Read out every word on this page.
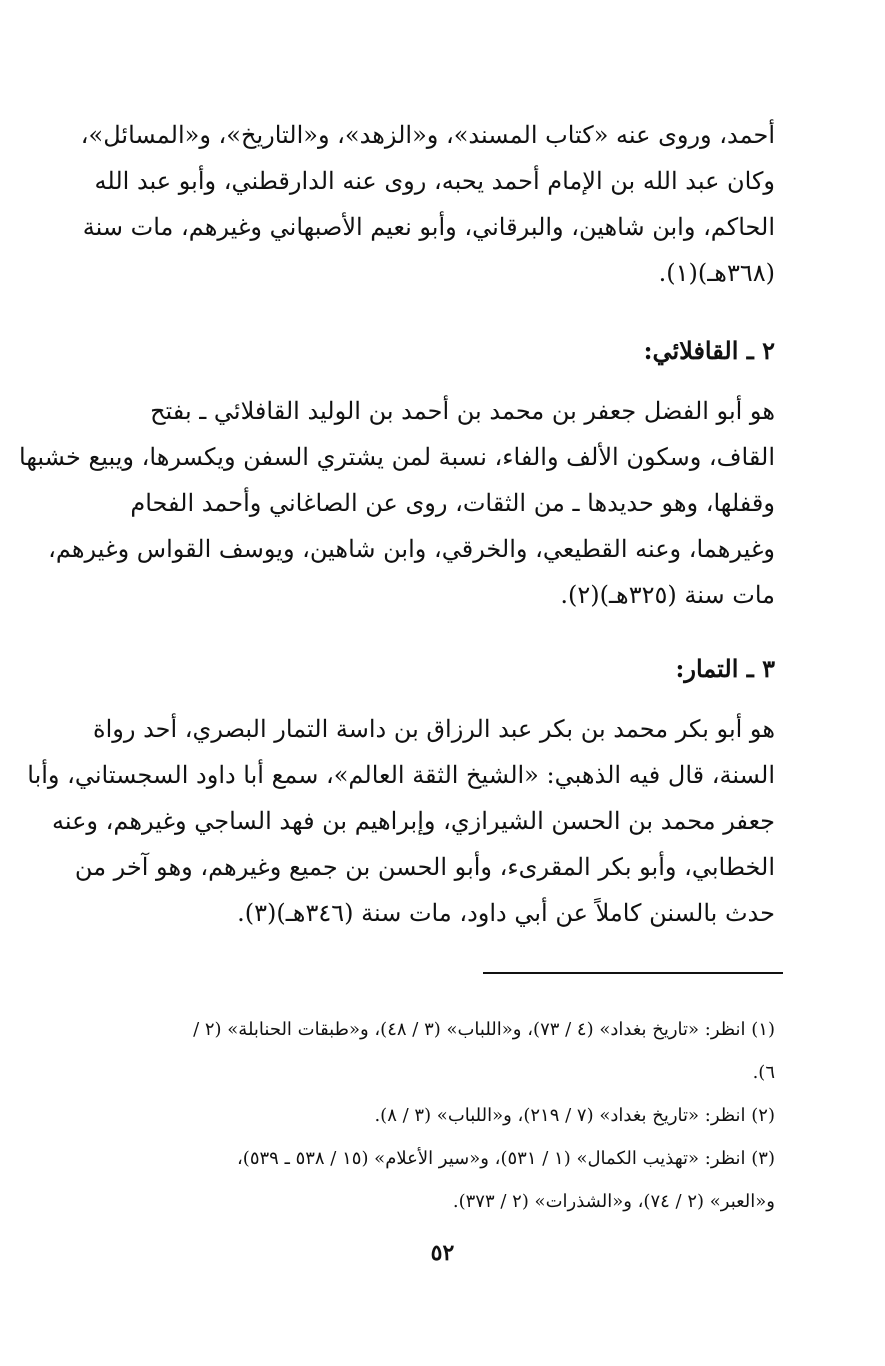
أحمد، وروى عنه «كتاب المسند»، و«الزهد»، و«التاريخ»، و«المسائل»،
وكان عبد الله بن الإمام أحمد يحبه، روى عنه الدارقطني، وأبو عبد الله
الحاكم، وابن شاهين، والبرقاني، وأبو نعيم الأصبهاني وغيرهم، مات سنة
(٣٦٨هـ)(١).
٢ ـ القافلائي:
هو أبو الفضل جعفر بن محمد بن أحمد بن الوليد القافلائي ـ بفتح
القاف، وسكون الألف والفاء، نسبة لمن يشتري السفن ويكسرها، ويبيع خشبها
وقفلها، وهو حديدها ـ من الثقات، روى عن الصاغاني وأحمد الفحام
وغيرهما، وعنه القطيعي، والخرقي، وابن شاهين، ويوسف القواس وغيرهم،
مات سنة (٣٢٥هـ)(٢).
٣ ـ التمار:
هو أبو بكر محمد بن بكر عبد الرزاق بن داسة التمار البصري، أحد رواة
السنة، قال فيه الذهبي: «الشيخ الثقة العالم»، سمع أبا داود السجستاني، وأبا
جعفر محمد بن الحسن الشيرازي، وإبراهيم بن فهد الساجي وغيرهم، وعنه
الخطابي، وأبو بكر المقرىء، وأبو الحسن بن جميع وغيرهم، وهو آخر من
حدث بالسنن كاملاً عن أبي داود، مات سنة (٣٤٦هـ)(٣).
(١) انظر: «تاريخ بغداد» (٤ / ٧٣)، و«اللباب» (٣ / ٤٨)، و«طبقات الحنابلة» (٢ /
٦).
(٢) انظر: «تاريخ بغداد» (٧ / ٢١٩)، و«اللباب» (٣ / ٨).
(٣) انظر: «تهذيب الكمال» (١ / ٥٣١)، و«سير الأعلام» (١٥ / ٥٣٨ ـ ٥٣٩)،
و«العبر» (٢ / ٧٤)، و«الشذرات» (٢ / ٣٧٣).
٥٢
